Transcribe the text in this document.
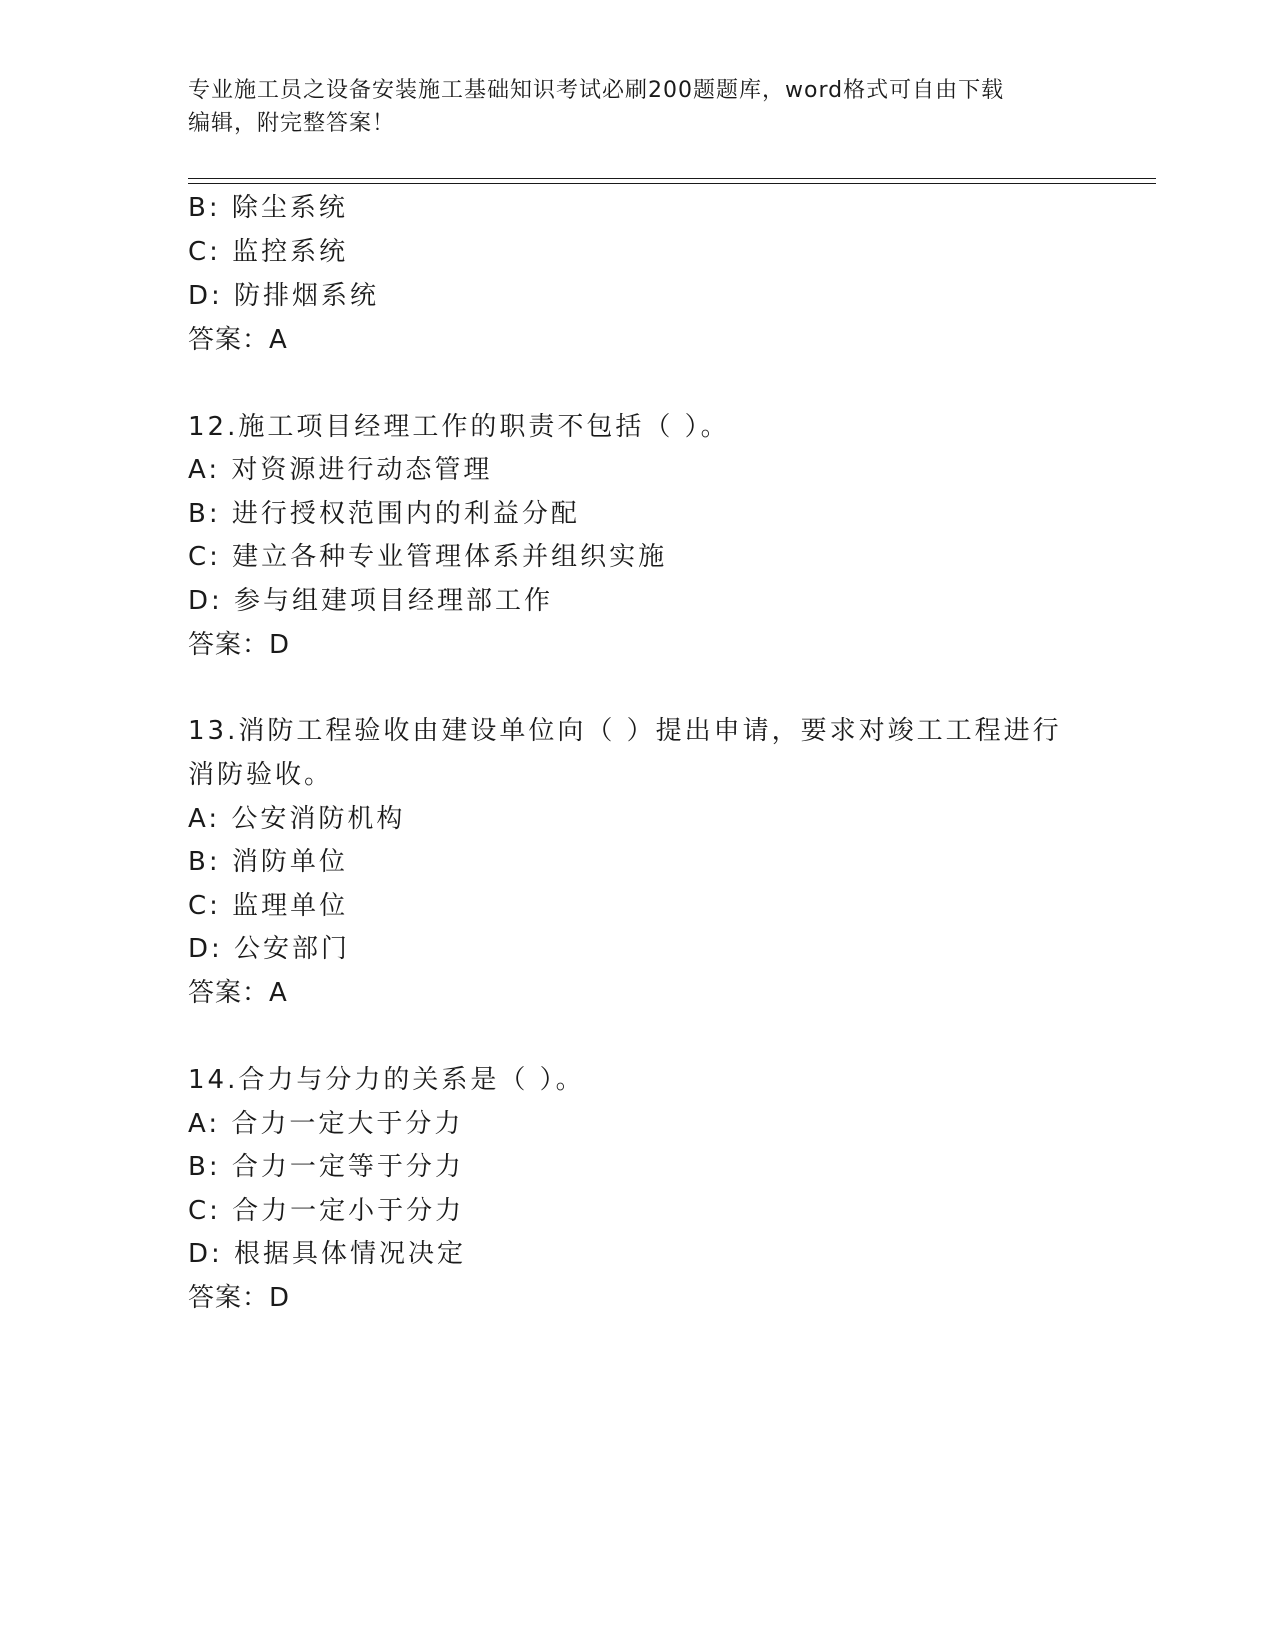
专业施工员之设备安装施工基础知识考试必刷200题题库，word格式可自由下载
编辑，附完整答案！
B: 除尘系统
C: 监控系统
D: 防排烟系统
答案：A
12.施工项目经理工作的职责不包括（ ）。
A: 对资源进行动态管理
B: 进行授权范围内的利益分配
C: 建立各种专业管理体系并组织实施
D: 参与组建项目经理部工作
答案：D
13.消防工程验收由建设单位向（ ）提出申请，要求对竣工工程进行
消防验收。
A: 公安消防机构
B: 消防单位
C: 监理单位
D: 公安部门
答案：A
14.合力与分力的关系是（ ）。
A: 合力一定大于分力
B: 合力一定等于分力
C: 合力一定小于分力
D: 根据具体情况决定
答案：D
